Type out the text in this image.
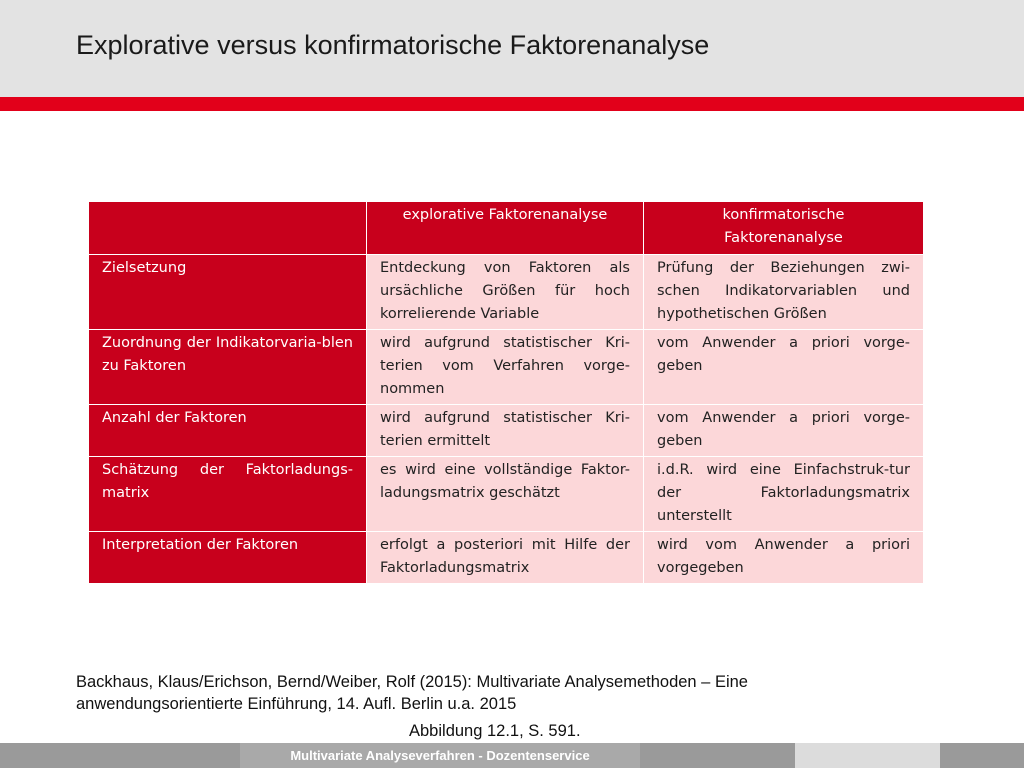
Explorative versus konfirmatorische Faktorenanalyse
	explorative Faktorenanalyse	konfirmatorische
Faktorenanalyse
Zielsetzung	Entdeckung von Faktoren als ursächliche Größen für hoch korrelierende Variable	Prüfung der Beziehungen zwi-schen Indikatorvariablen und hypothetischen Größen
Zuordnung der Indikatorvaria-blen zu Faktoren	wird aufgrund statistischer Kri-terien vom Verfahren vorge-nommen	vom Anwender a priori vorge-geben
Anzahl der Faktoren	wird aufgrund statistischer Kri-terien ermittelt	vom Anwender a priori vorge-geben
Schätzung der Faktorladungs-matrix	es wird eine vollständige Faktor-ladungsmatrix geschätzt	i.d.R. wird eine Einfachstruk-tur der Faktorladungsmatrix unterstellt
Interpretation der Faktoren	erfolgt a posteriori mit Hilfe der Faktorladungsmatrix	wird vom Anwender a priori vorgegeben
Backhaus, Klaus/Erichson, Bernd/Weiber, Rolf (2015): Multivariate Analysemethoden – Eine anwendungsorientierte Einführung, 14. Aufl. Berlin u.a. 2015
Abbildung 12.1, S. 591.
Multivariate Analyseverfahren - Dozentenservice
